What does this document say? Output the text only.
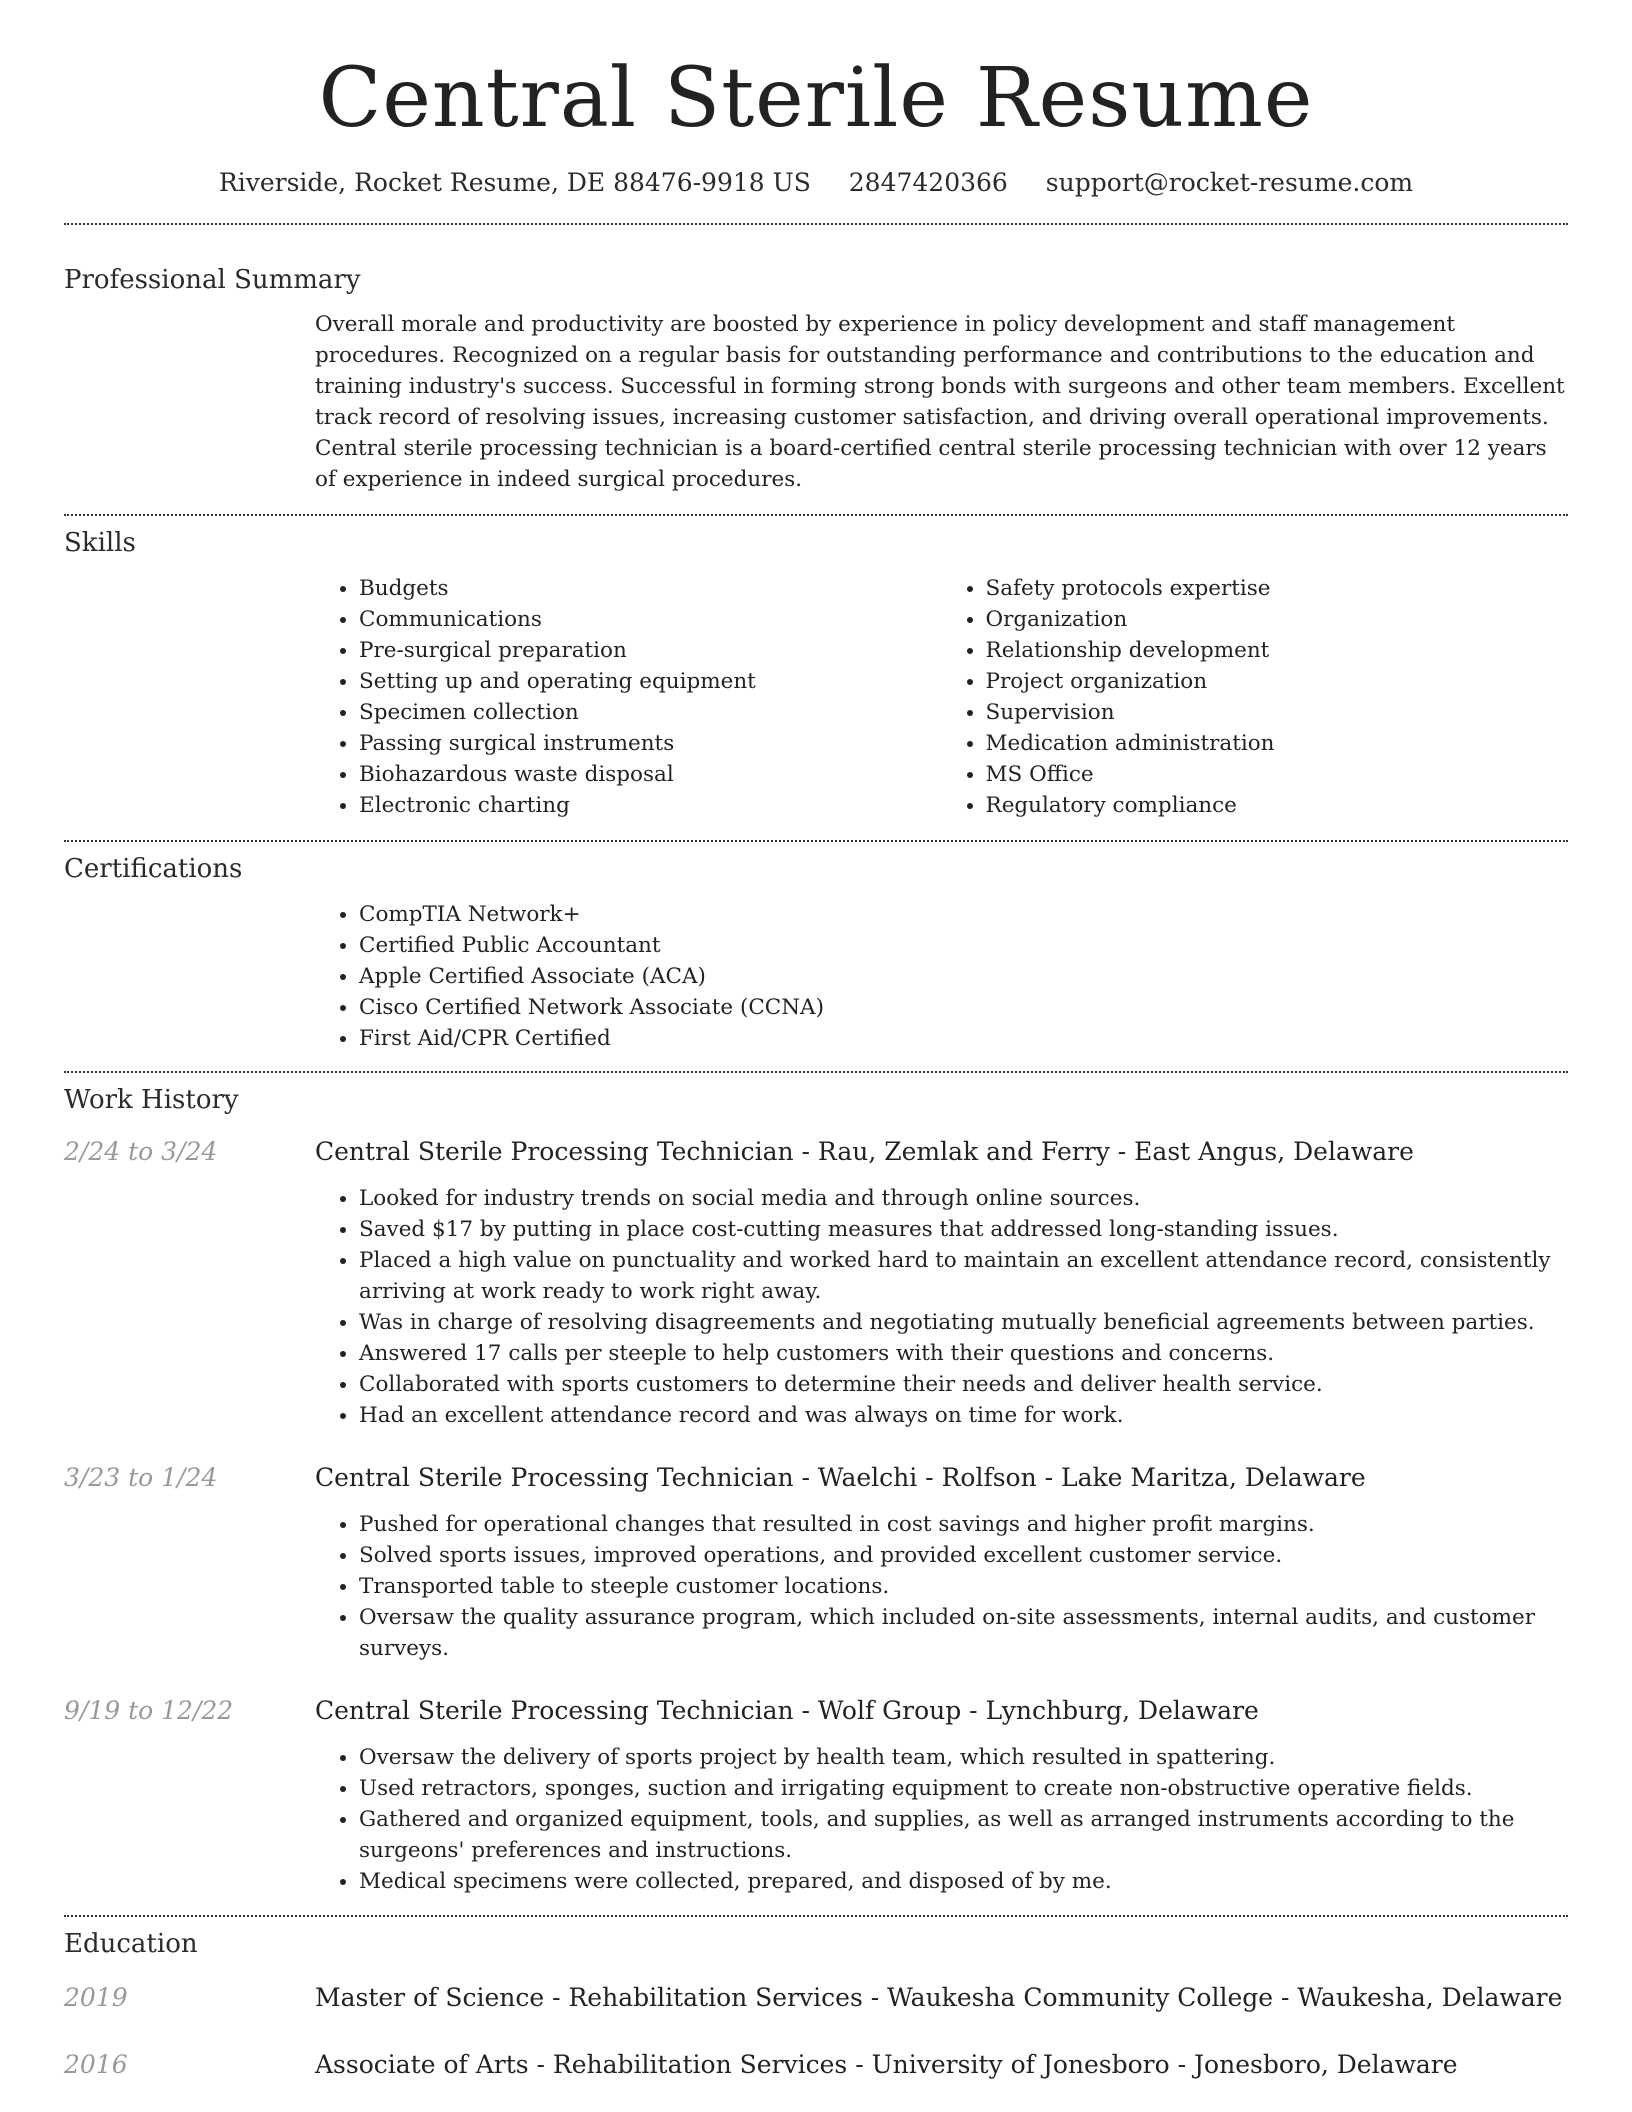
Central Sterile Resume
Riverside, Rocket Resume, DE 88476-9918 US 2847420366 support@rocket-resume.com
Professional Summary

Overall morale and productivity are boosted by experience in policy development and staff management procedures. Recognized on a regular basis for outstanding performance and contributions to the education and training industry's success. Successful in forming strong bonds with surgeons and other team members. Excellent track record of resolving issues, increasing customer satisfaction, and driving overall operational improvements. Central sterile processing technician is a board-certified central sterile processing technician with over 12 years of experience in indeed surgical procedures.

Skills
• Budgets
• Communications
• Pre-surgical preparation
• Setting up and operating equipment
• Specimen collection
• Passing surgical instruments
• Biohazardous waste disposal
• Electronic charting
• Safety protocols expertise
• Organization
• Relationship development
• Project organization
• Supervision
• Medication administration
• MS Office
• Regulatory compliance
Certifications
• CompTIA Network+
• Certified Public Accountant
• Apple Certified Associate (ACA)
• Cisco Certified Network Associate (CCNA)
• First Aid/CPR Certified
Work History
2/24 to 3/24	Central Sterile Processing Technician - Rau, Zemlak and Ferry - East Angus, Delaware
• Looked for industry trends on social media and through online sources.
• Saved $17 by putting in place cost-cutting measures that addressed long-standing issues.
• Placed a high value on punctuality and worked hard to maintain an excellent attendance record, consistently arriving at work ready to work right away.
• Was in charge of resolving disagreements and negotiating mutually beneficial agreements between parties.
• Answered 17 calls per steeple to help customers with their questions and concerns.
• Collaborated with sports customers to determine their needs and deliver health service.
• Had an excellent attendance record and was always on time for work.
3/23 to 1/24	Central Sterile Processing Technician - Waelchi - Rolfson - Lake Maritza, Delaware
• Pushed for operational changes that resulted in cost savings and higher profit margins.
• Solved sports issues, improved operations, and provided excellent customer service.
• Transported table to steeple customer locations.
• Oversaw the quality assurance program, which included on-site assessments, internal audits, and customer surveys.
9/19 to 12/22	Central Sterile Processing Technician - Wolf Group - Lynchburg, Delaware
• Oversaw the delivery of sports project by health team, which resulted in spattering.
• Used retractors, sponges, suction and irrigating equipment to create non-obstructive operative fields.
• Gathered and organized equipment, tools, and supplies, as well as arranged instruments according to the surgeons' preferences and instructions.
• Medical specimens were collected, prepared, and disposed of by me.
Education
2019	Master of Science - Rehabilitation Services - Waukesha Community College - Waukesha, Delaware
2016	Associate of Arts - Rehabilitation Services - University of Jonesboro - Jonesboro, Delaware
